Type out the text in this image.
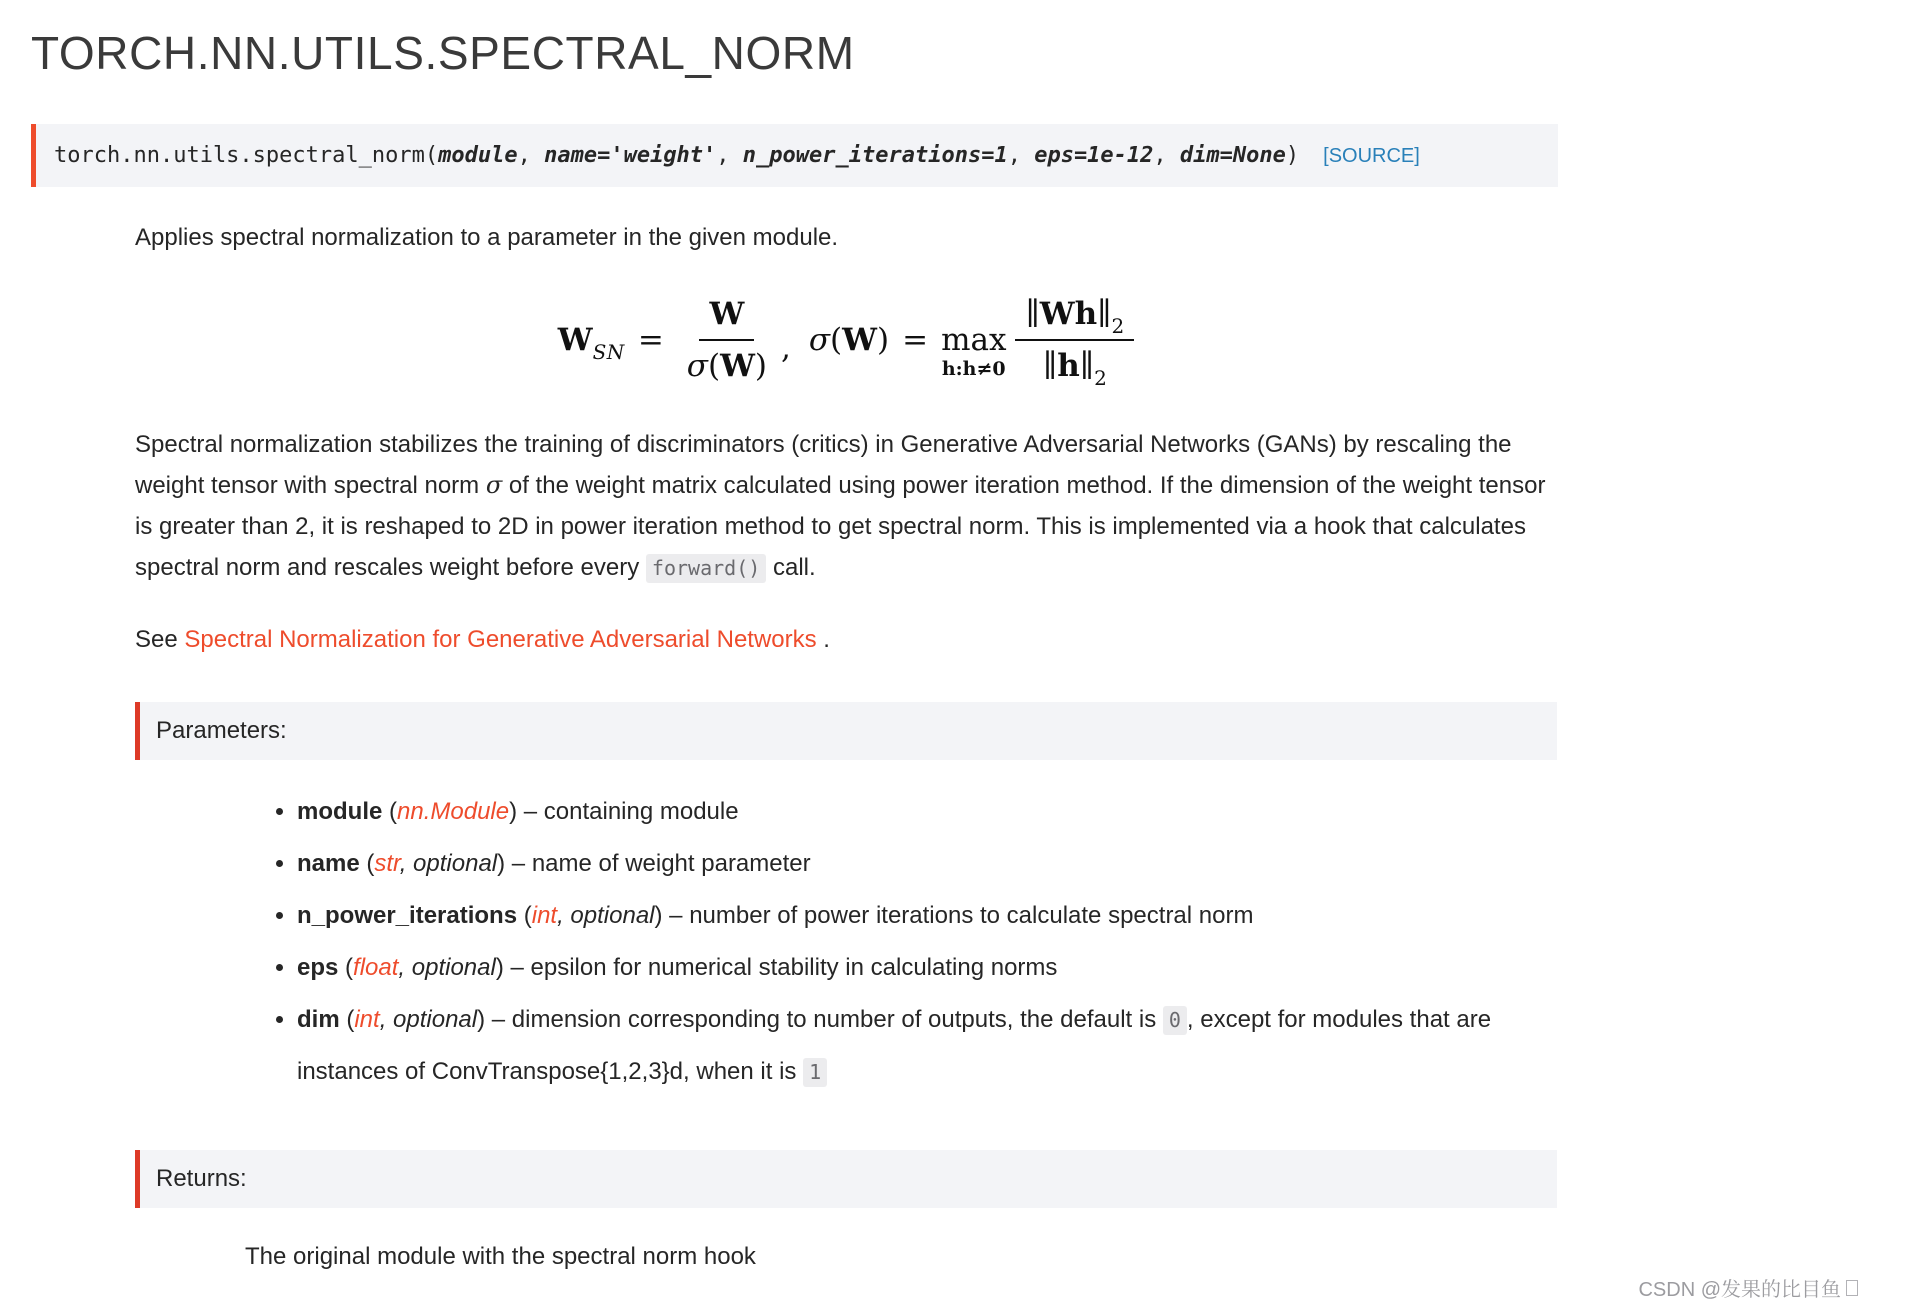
TORCH.NN.UTILS.SPECTRAL_NORM
torch.nn.utils.spectral_norm(module, name='weight', n_power_iterations=1, eps=1e-12, dim=None) [SOURCE]

Applies spectral normalization to a parameter in the given module.

$W_{SN} = \frac{W}{\sigma(W)}$ , σ(W) = max
h:h≠0 $\frac{\parallel Wh\parallel_2}{\parallel h\parallel_2}$

Spectral normalization stabilizes the training of discriminators (critics) in Generative Adversarial Networks (GANs) by rescaling the weight tensor with spectral norm σ of the weight matrix calculated using power iteration method. If the dimension of the weight tensor is greater than 2, it is reshaped to 2D in power iteration method to get spectral norm. This is implemented via a hook that calculates spectral norm and rescales weight before every forward() call.

See Spectral Normalization for Generative Adversarial Networks .

Parameters:
• module (nn.Module) – containing module
• name (str, optional) – name of weight parameter
• n_power_iterations (int, optional) – number of power iterations to calculate spectral norm
• eps (float, optional) – epsilon for numerical stability in calculating norms
• dim (int, optional) – dimension corresponding to number of outputs, the default is 0 , except for modules that are instances of ConvTranspose{1,2,3}d, when it is 1
Returns:

The original module with the spectral norm hook

CSDN @发果的比目鱼
